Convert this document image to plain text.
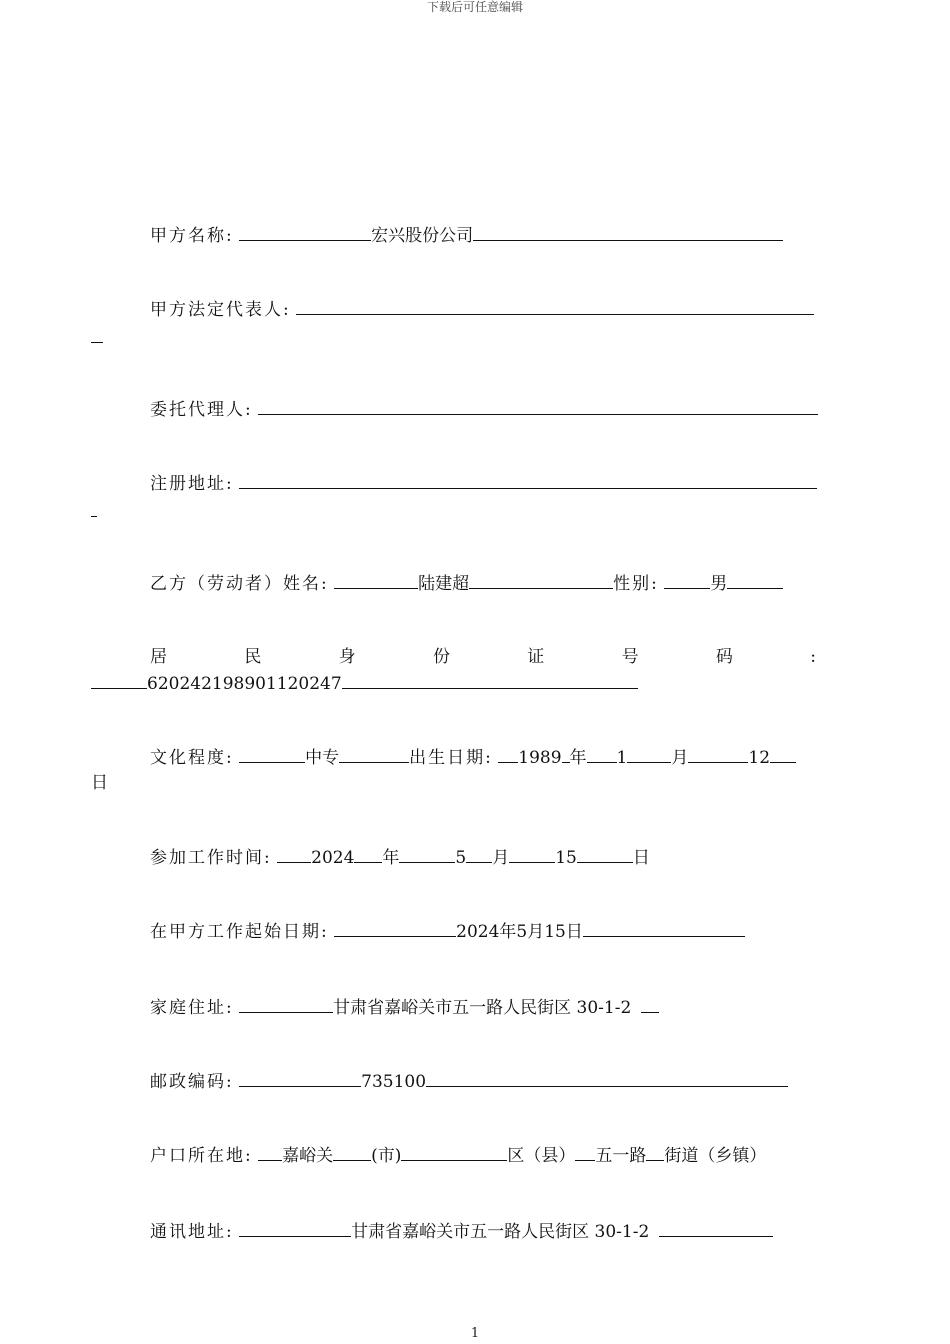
下载后可任意编辑
甲方名称:	宏兴股份公司
甲方法定代表人:
委托代理人:
注册地址:
乙方（劳动者）姓名:	陆建超	性别:	男
居	民	身	份	证	号	码	:
620242198901120247
文化程度:	中专	出生日期: 1989 年 1	月	12
日
参加工作时间: 2024 年	5 月	15	日
在甲方工作起始日期:	2024年5月15日
家庭住址:	甘肃省嘉峪关市五一路人民街区 30-1-2
邮政编码:	735100
户口所在地: 嘉峪关 (市)	区（县） 五一路 街道（乡镇）
通讯地址:	甘肃省嘉峪关市五一路人民街区 30-1-2
1
